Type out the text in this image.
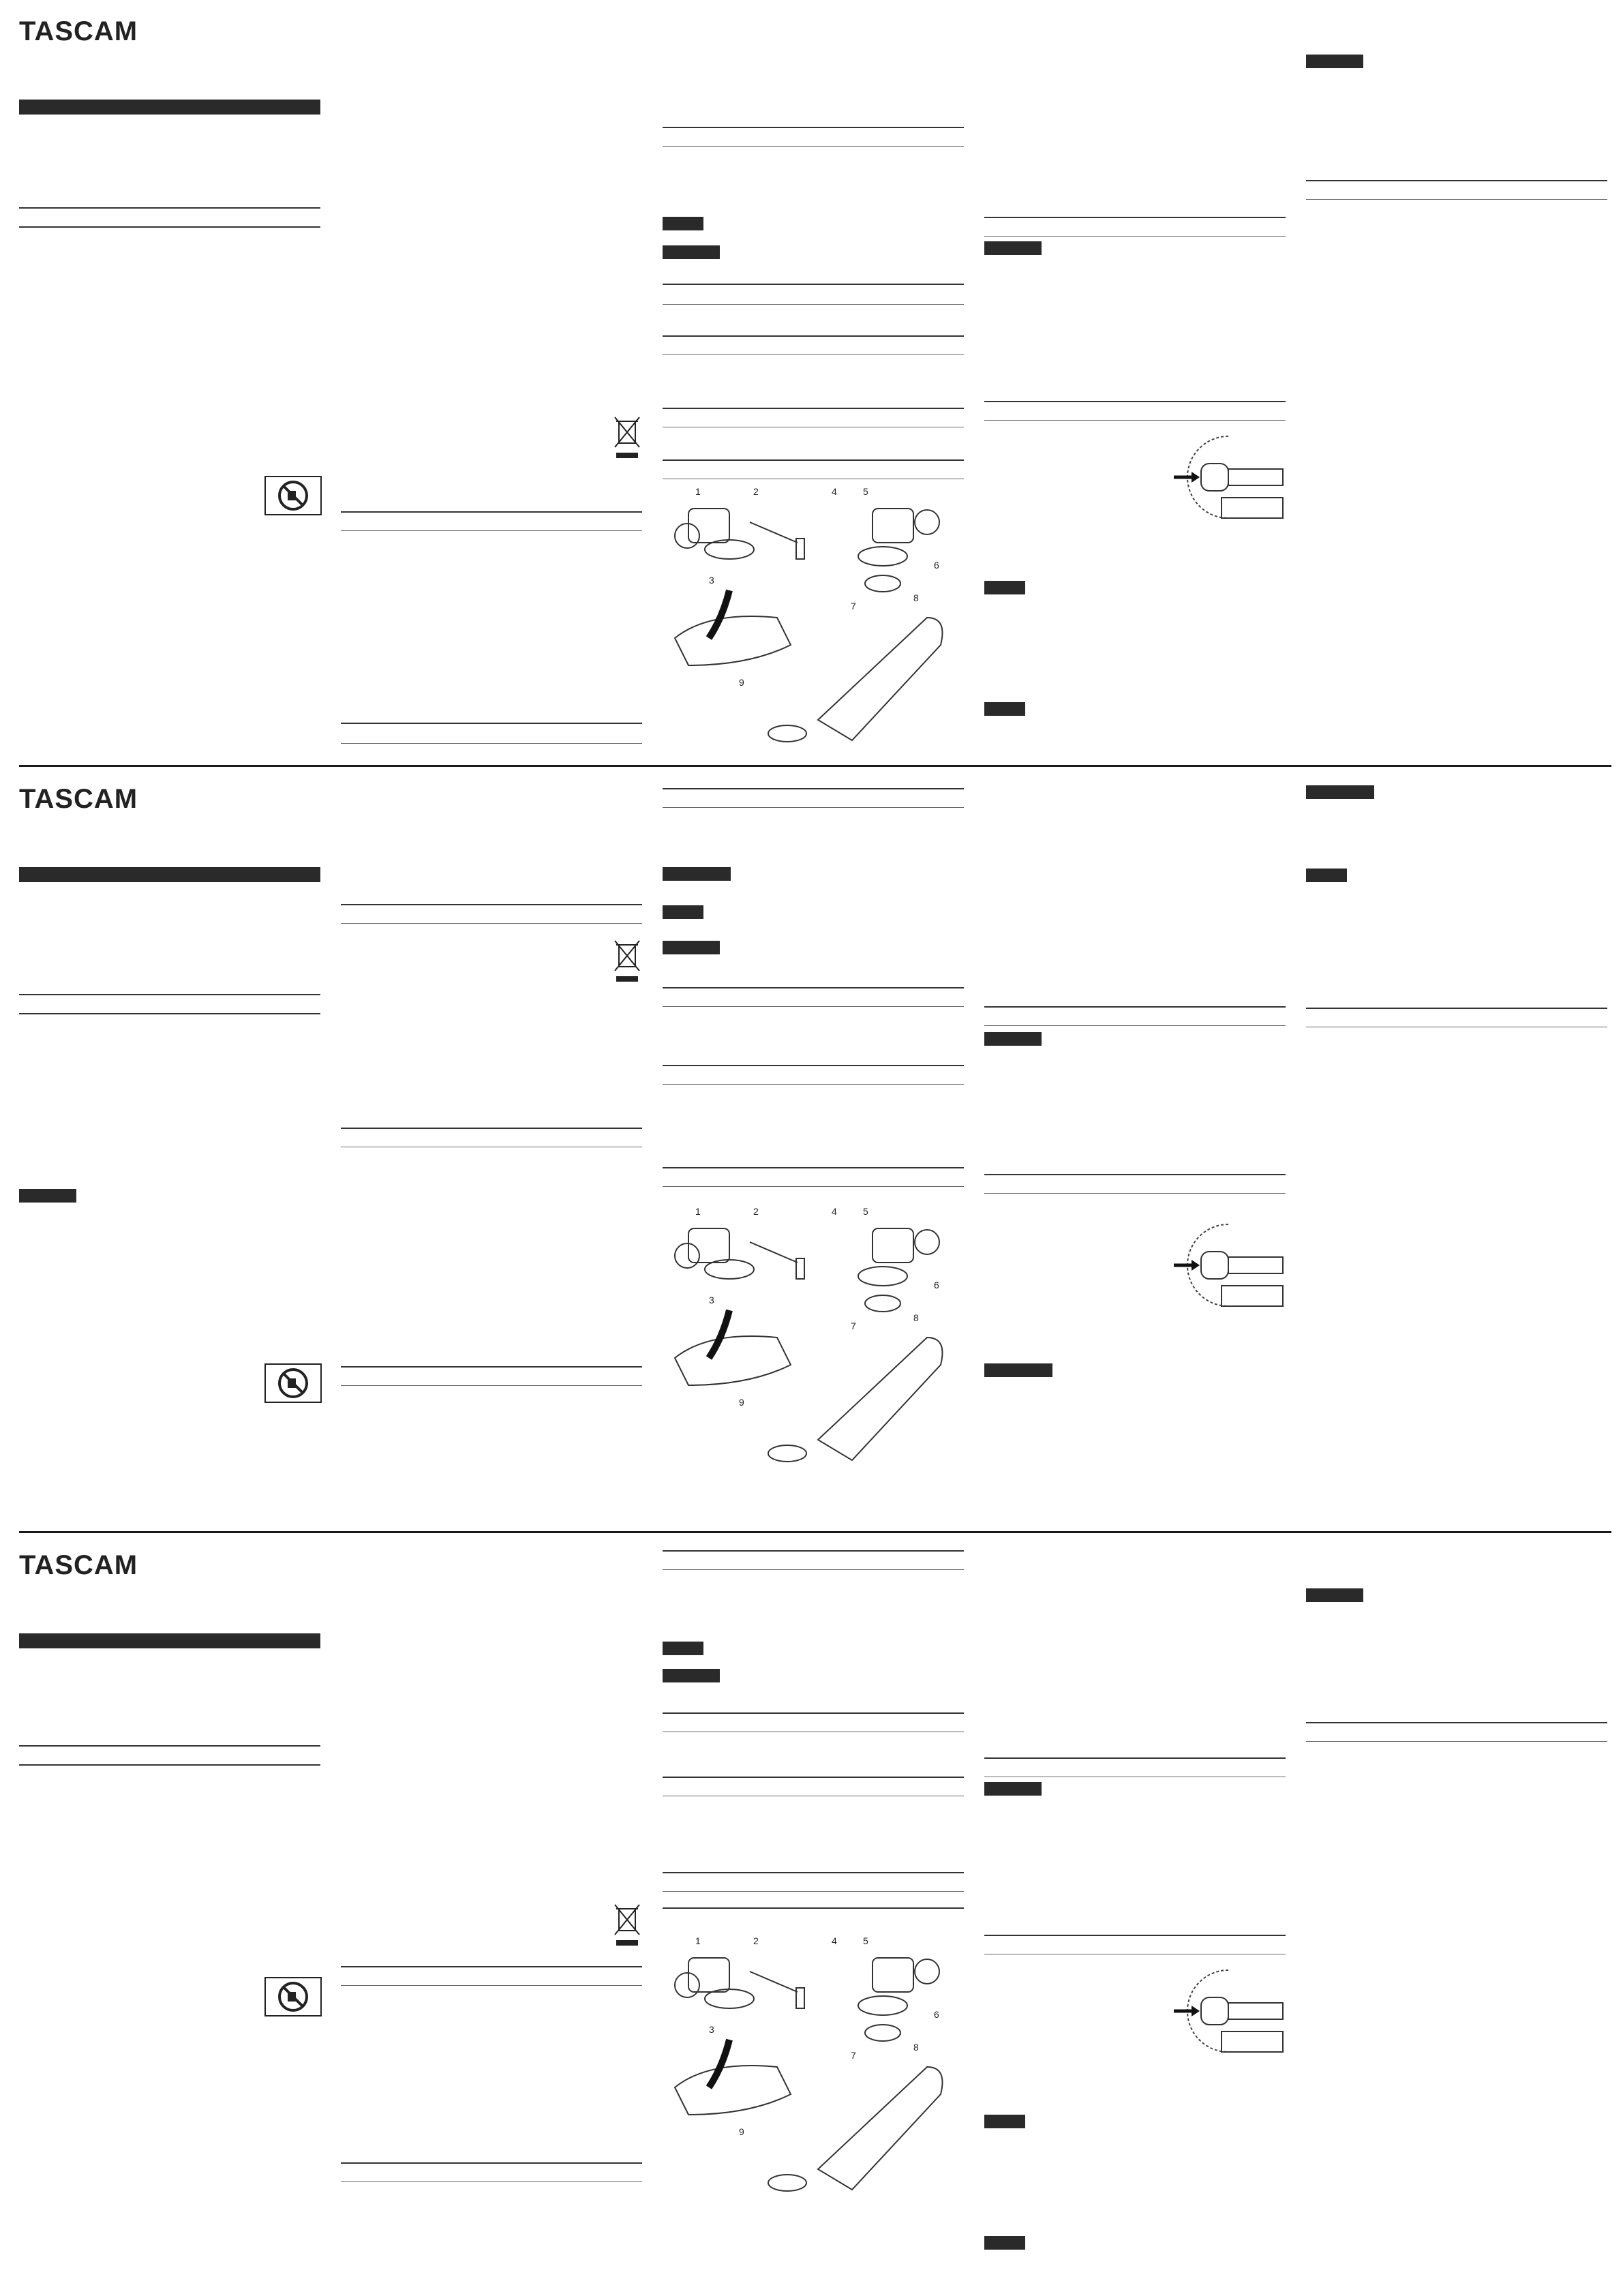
TASCAM
1	2
3
4	5
6
7
8
9
TASCAM
1	2
3
4	5
6
7
8
9
TASCAM
1	2
3
4	5
6
7
8
9
